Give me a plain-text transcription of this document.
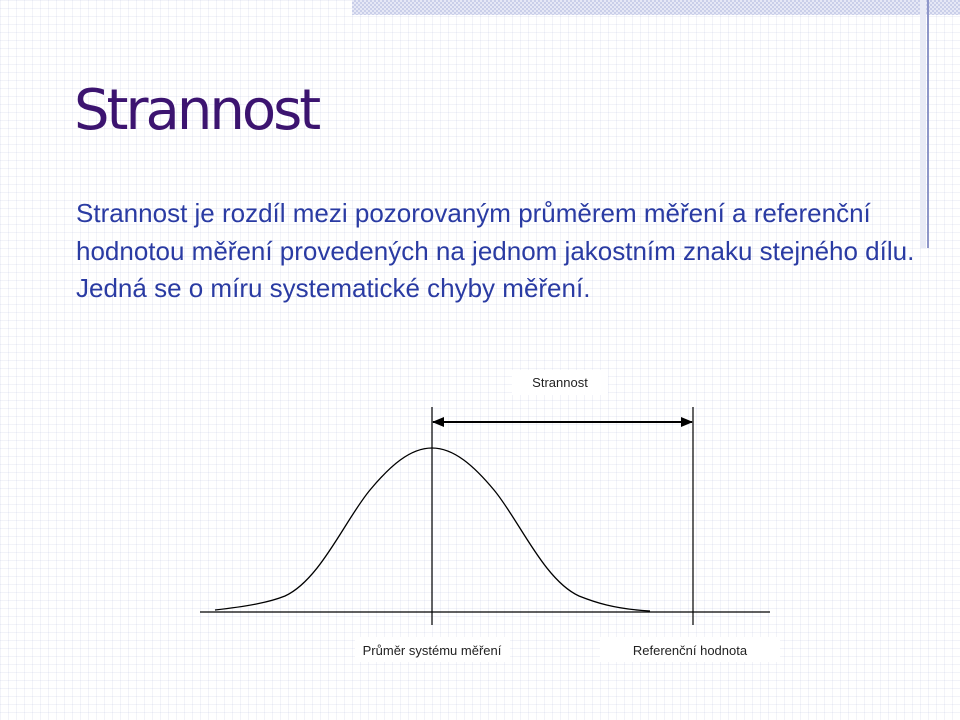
Strannost

Strannost je rozdíl mezi pozorovaným průměrem měření a referenční hodnotou měření provedených na jednom jakostním znaku stejného dílu. Jedná se o míru systematické chyby měření.

Strannost
Průměr systému měření	Referenční hodnota
